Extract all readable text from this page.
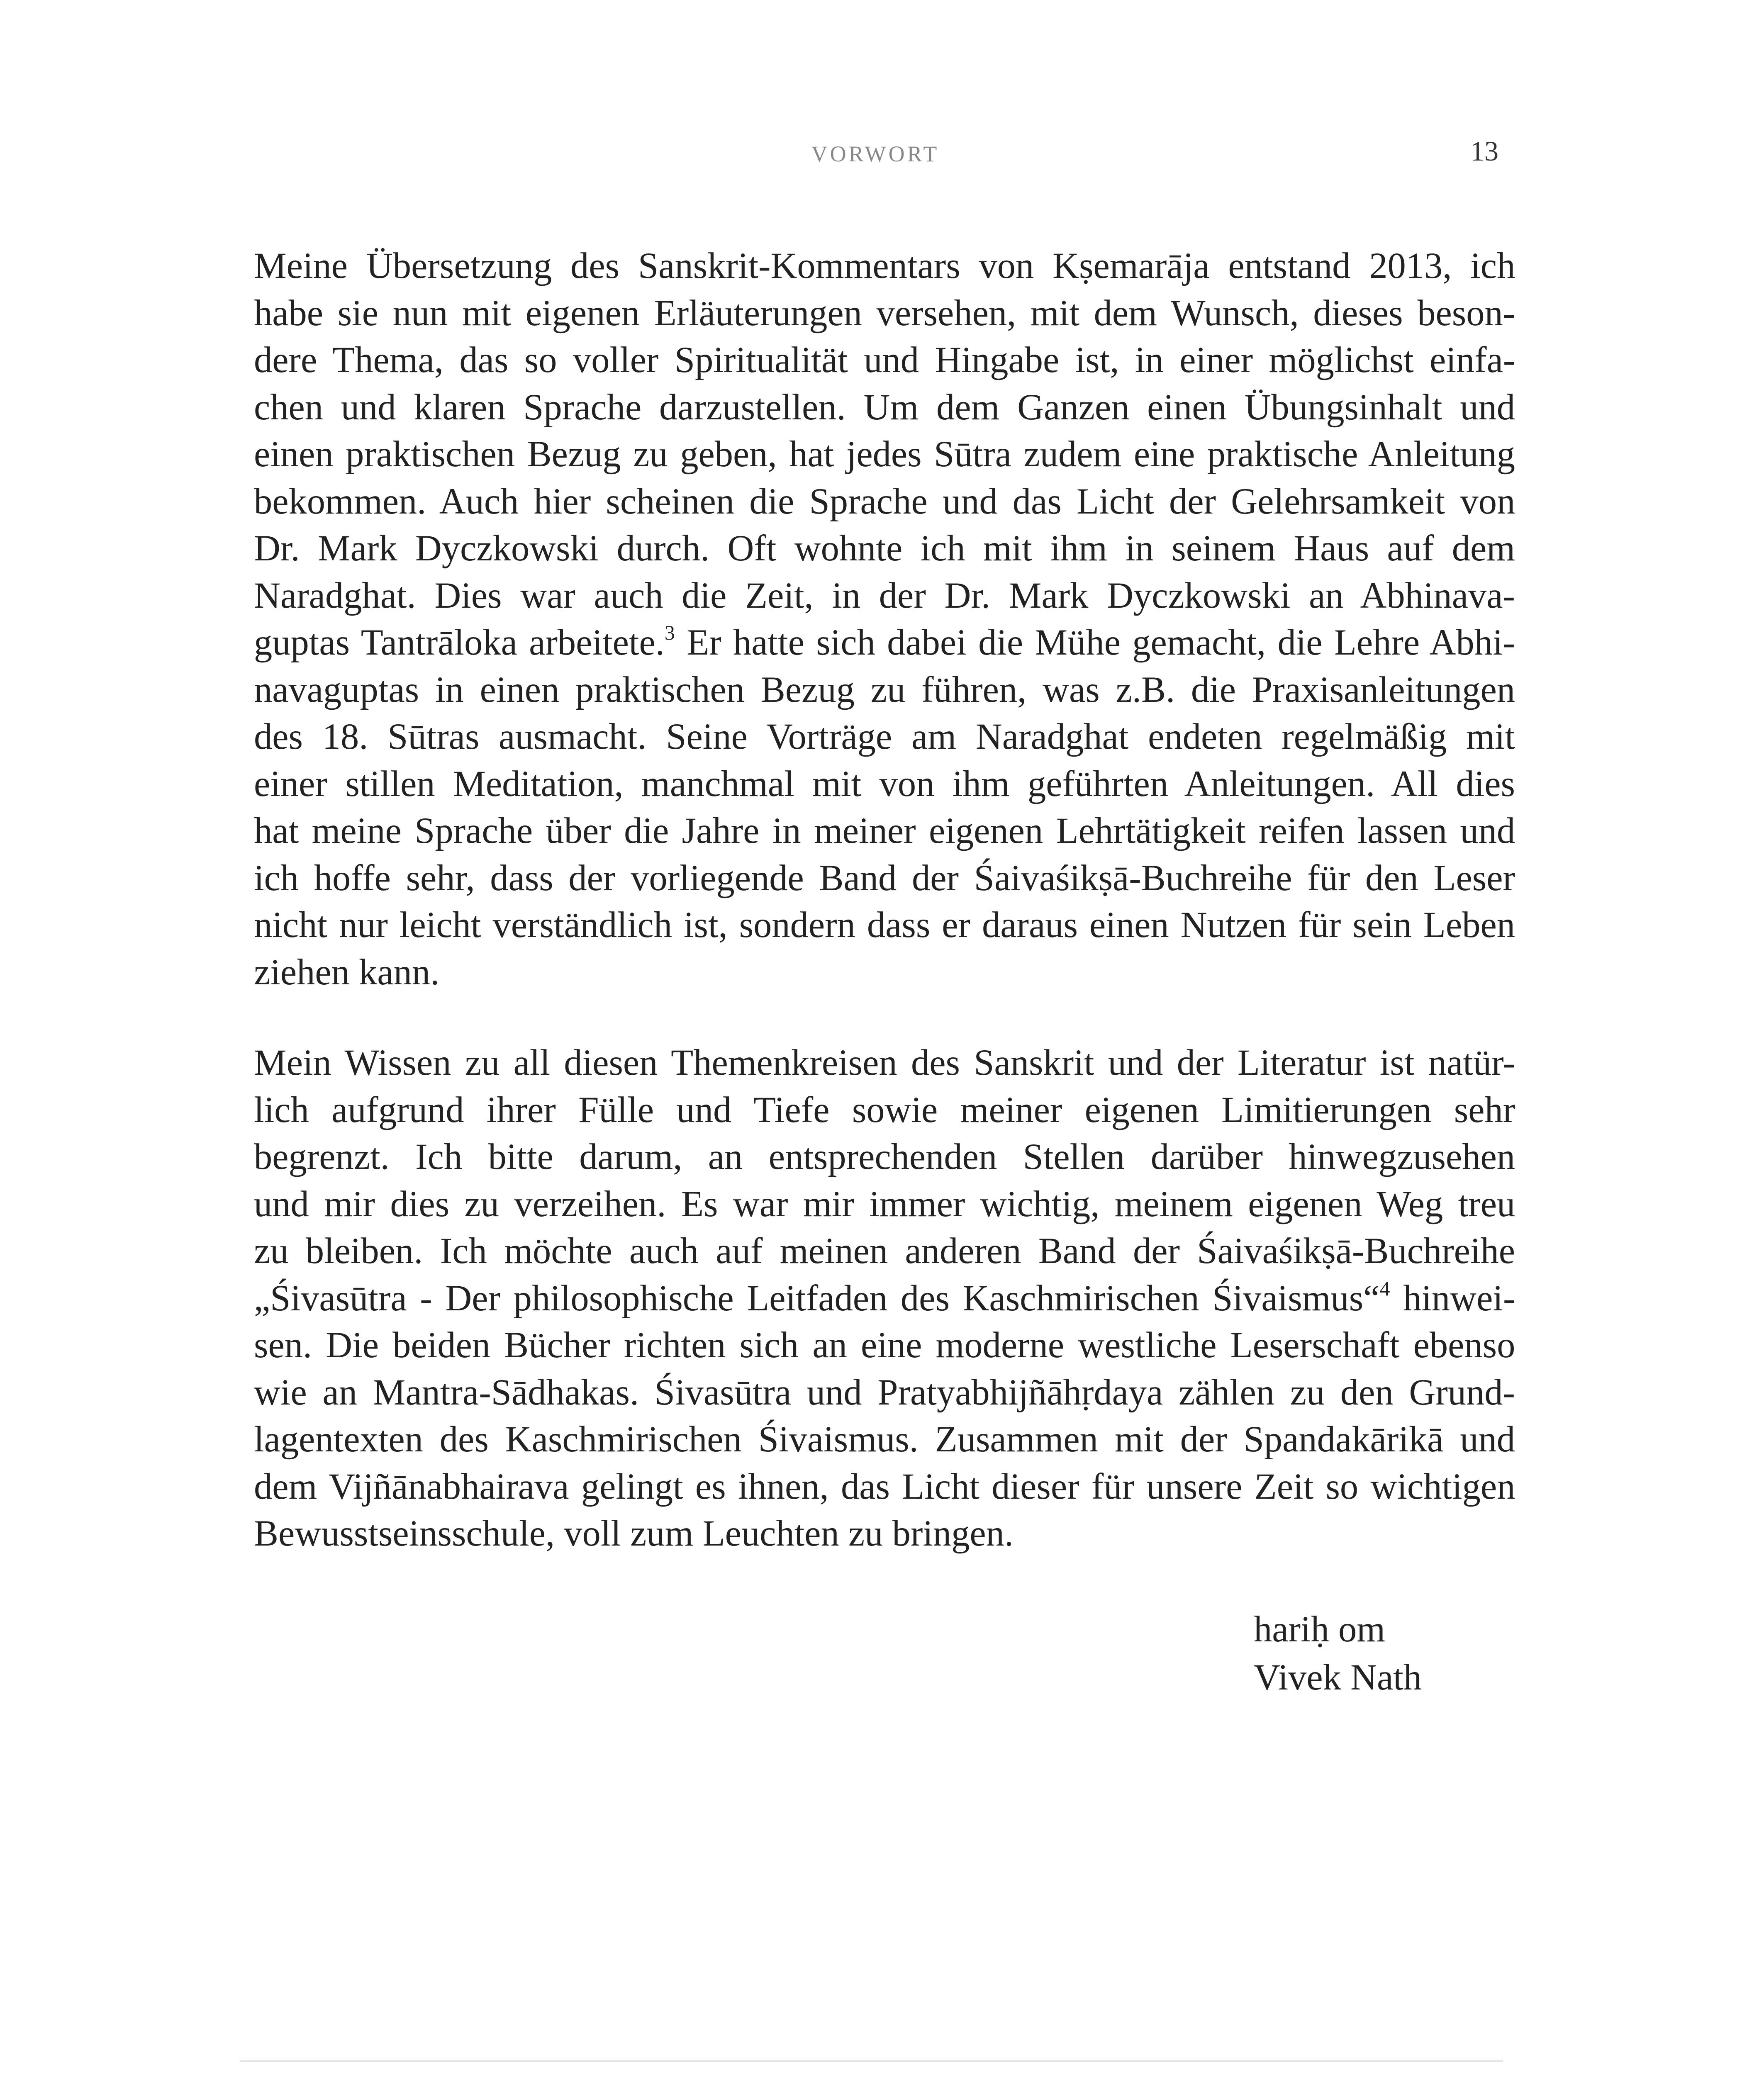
VORWORT	13
Meine Übersetzung des Sanskrit-Kommentars von Kṣemarāja entstand 2013, ich
habe sie nun mit eigenen Erläuterungen versehen, mit dem Wunsch, dieses beson-
dere Thema, das so voller Spiritualität und Hingabe ist, in einer möglichst einfa-
chen und klaren Sprache darzustellen. Um dem Ganzen einen Übungsinhalt und
einen praktischen Bezug zu geben, hat jedes Sūtra zudem eine praktische Anleitung
bekommen. Auch hier scheinen die Sprache und das Licht der Gelehrsamkeit von
Dr. Mark Dyczkowski durch. Oft wohnte ich mit ihm in seinem Haus auf dem
Naradghat. Dies war auch die Zeit, in der Dr. Mark Dyczkowski an Abhinava-
guptas Tantrāloka arbeitete.$^3$ Er hatte sich dabei die Mühe gemacht, die Lehre Abhi-
navaguptas in einen praktischen Bezug zu führen, was z.B. die Praxisanleitungen
des 18. Sūtras ausmacht. Seine Vorträge am Naradghat endeten regelmäßig mit
einer stillen Meditation, manchmal mit von ihm geführten Anleitungen. All dies
hat meine Sprache über die Jahre in meiner eigenen Lehrtätigkeit reifen lassen und
ich hoffe sehr, dass der vorliegende Band der Śaivaśikṣā-Buchreihe für den Leser
nicht nur leicht verständlich ist, sondern dass er daraus einen Nutzen für sein Leben
ziehen kann.
Mein Wissen zu all diesen Themenkreisen des Sanskrit und der Literatur ist natür-
lich aufgrund ihrer Fülle und Tiefe sowie meiner eigenen Limitierungen sehr
begrenzt. Ich bitte darum, an entsprechenden Stellen darüber hinwegzusehen
und mir dies zu verzeihen. Es war mir immer wichtig, meinem eigenen Weg treu
zu bleiben. Ich möchte auch auf meinen anderen Band der Śaivaśikṣā-Buchreihe
„Śivasūtra - Der philosophische Leitfaden des Kaschmirischen Śivaismus“$^4$ hinwei-
sen. Die beiden Bücher richten sich an eine moderne westliche Leserschaft ebenso
wie an Mantra-Sādhakas. Śivasūtra und Pratyabhijñāhṛdaya zählen zu den Grund-
lagentexten des Kaschmirischen Śivaismus. Zusammen mit der Spandakārikā und
dem Vijñānabhairava gelingt es ihnen, das Licht dieser für unsere Zeit so wichtigen
Bewusstseinsschule, voll zum Leuchten zu bringen.
hariḥ om
Vivek Nath
